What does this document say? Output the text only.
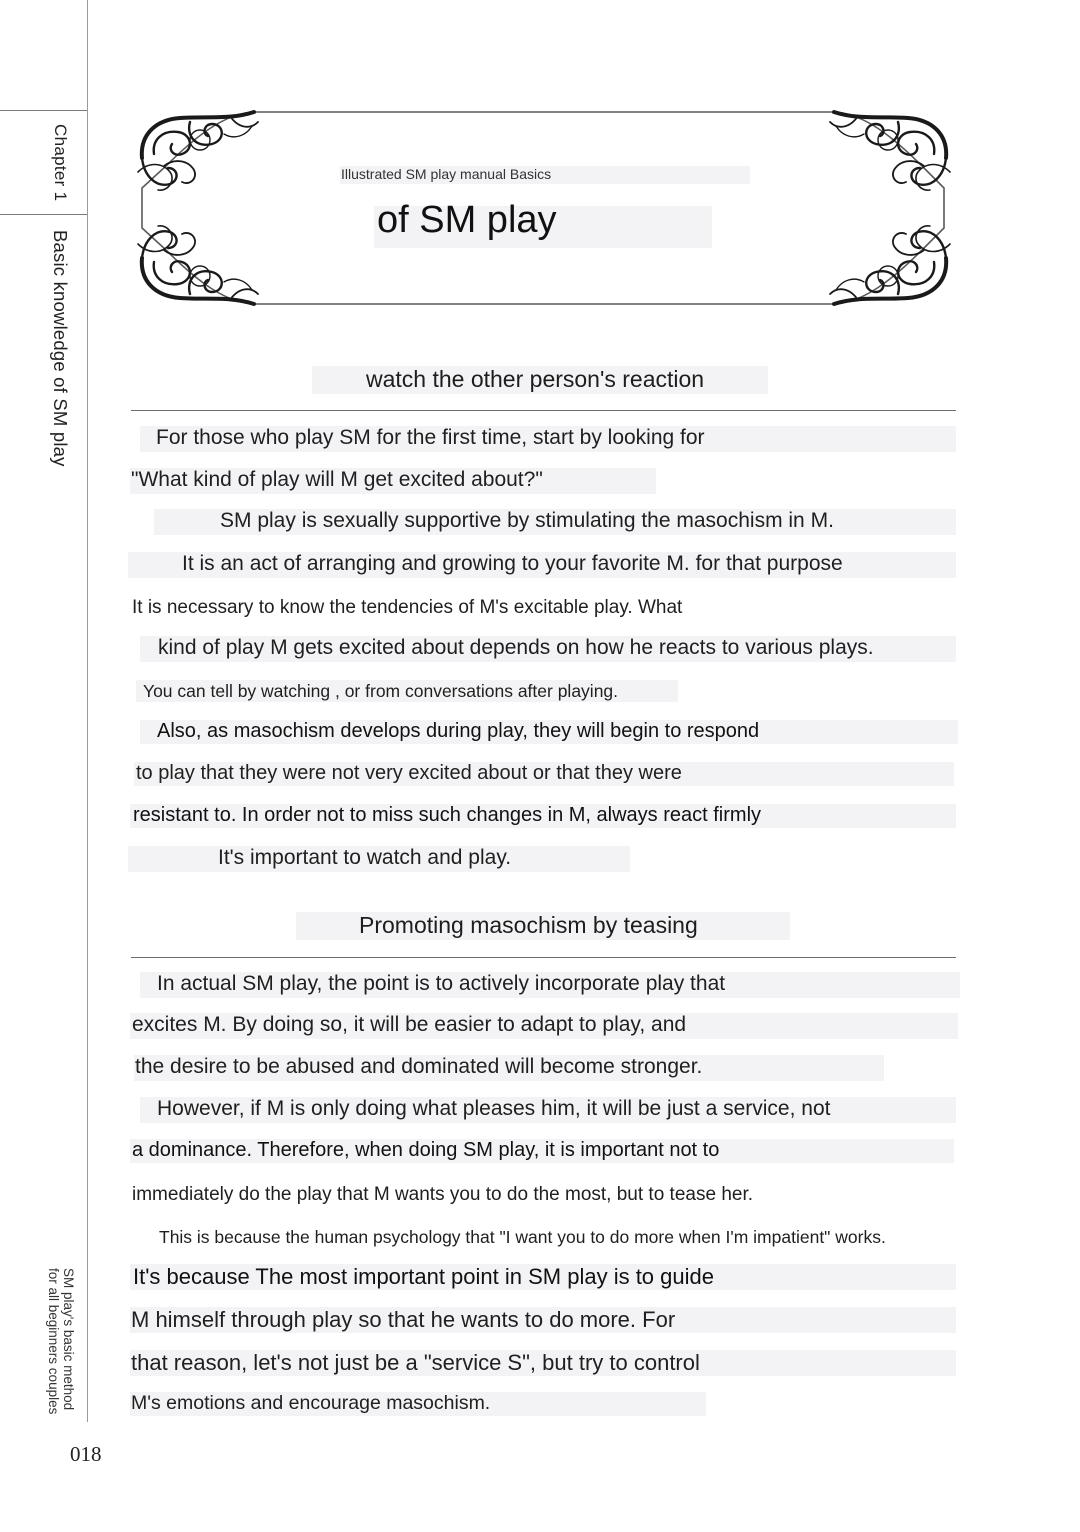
Chapter 1
Basic knowledge of SM play
SM play's basic method
for all beginners couples
018
Illustrated SM play manual Basics
of SM play
watch the other person's reaction
For those who play SM for the first time, start by looking for
"What kind of play will M get excited about?"
SM play is sexually supportive by stimulating the masochism in M.
It is an act of arranging and growing to your favorite M. for that purpose
It is necessary to know the tendencies of M's excitable play. What
kind of play M gets excited about depends on how he reacts to various plays.
You can tell by watching , or from conversations after playing.
Also, as masochism develops during play, they will begin to respond
to play that they were not very excited about or that they were
resistant to. In order not to miss such changes in M, always react firmly
It's important to watch and play.
Promoting masochism by teasing
In actual SM play, the point is to actively incorporate play that
excites M. By doing so, it will be easier to adapt to play, and
the desire to be abused and dominated will become stronger.
However, if M is only doing what pleases him, it will be just a service, not
a dominance. Therefore, when doing SM play, it is important not to
immediately do the play that M wants you to do the most, but to tease her.
This is because the human psychology that "I want you to do more when I'm impatient" works.
It's because The most important point in SM play is to guide
M himself through play so that he wants to do more. For
that reason, let's not just be a "service S", but try to control
M's emotions and encourage masochism.
